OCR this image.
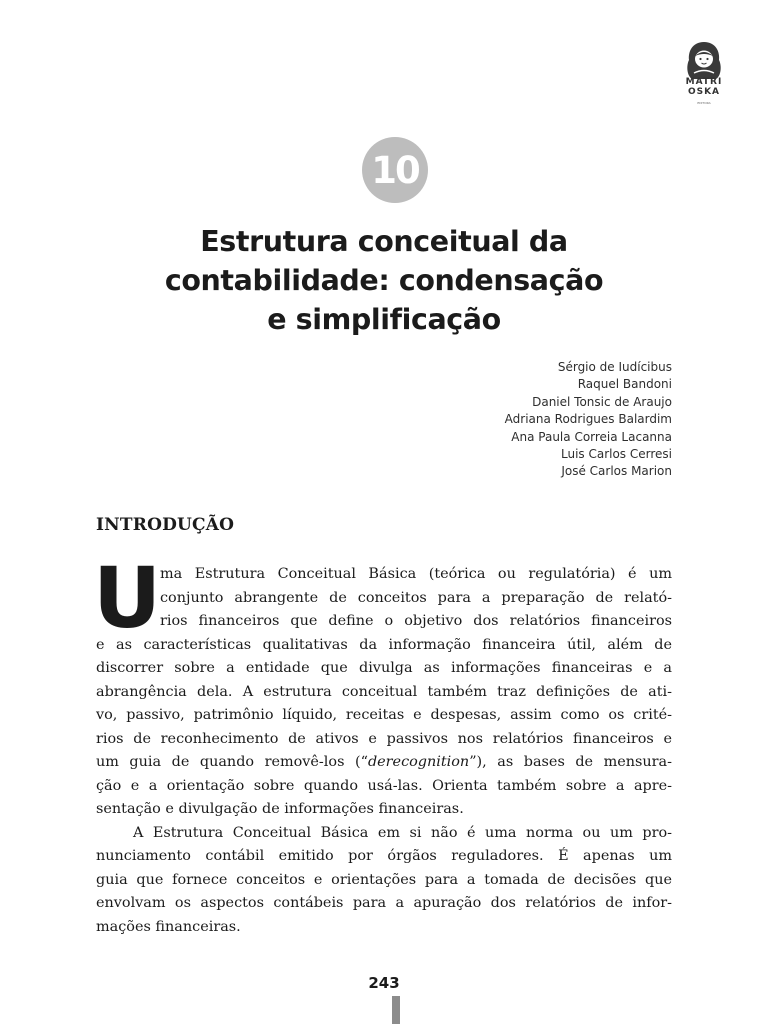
MATRI
OSKA
EDITORA
10
Estrutura conceitual da
contabilidade: condensação
e simplificação
Sérgio de Iudícibus
Raquel Bandoni
Daniel Tonsic de Araujo
Adriana Rodrigues Balardim
Ana Paula Correia Lacanna
Luis Carlos Cerresi
José Carlos Marion
INTRODUÇÃO
U
ma Estrutura Conceitual Básica (teórica ou regulatória) é um
conjunto abrangente de conceitos para a preparação de relató-
rios financeiros que define o objetivo dos relatórios financeiros
e as características qualitativas da informação financeira útil, além de
discorrer sobre a entidade que divulga as informações financeiras e a
abrangência dela. A estrutura conceitual também traz definições de ati-
vo, passivo, patrimônio líquido, receitas e despesas, assim como os crité-
rios de reconhecimento de ativos e passivos nos relatórios financeiros e
um guia de quando removê-los (“derecognition”), as bases de mensura-
ção e a orientação sobre quando usá-las. Orienta também sobre a apre-
sentação e divulgação de informações financeiras.
A Estrutura Conceitual Básica em si não é uma norma ou um pro-
nunciamento contábil emitido por órgãos reguladores. É apenas um
guia que fornece conceitos e orientações para a tomada de decisões que
envolvam os aspectos contábeis para a apuração dos relatórios de infor-
mações financeiras.
243
